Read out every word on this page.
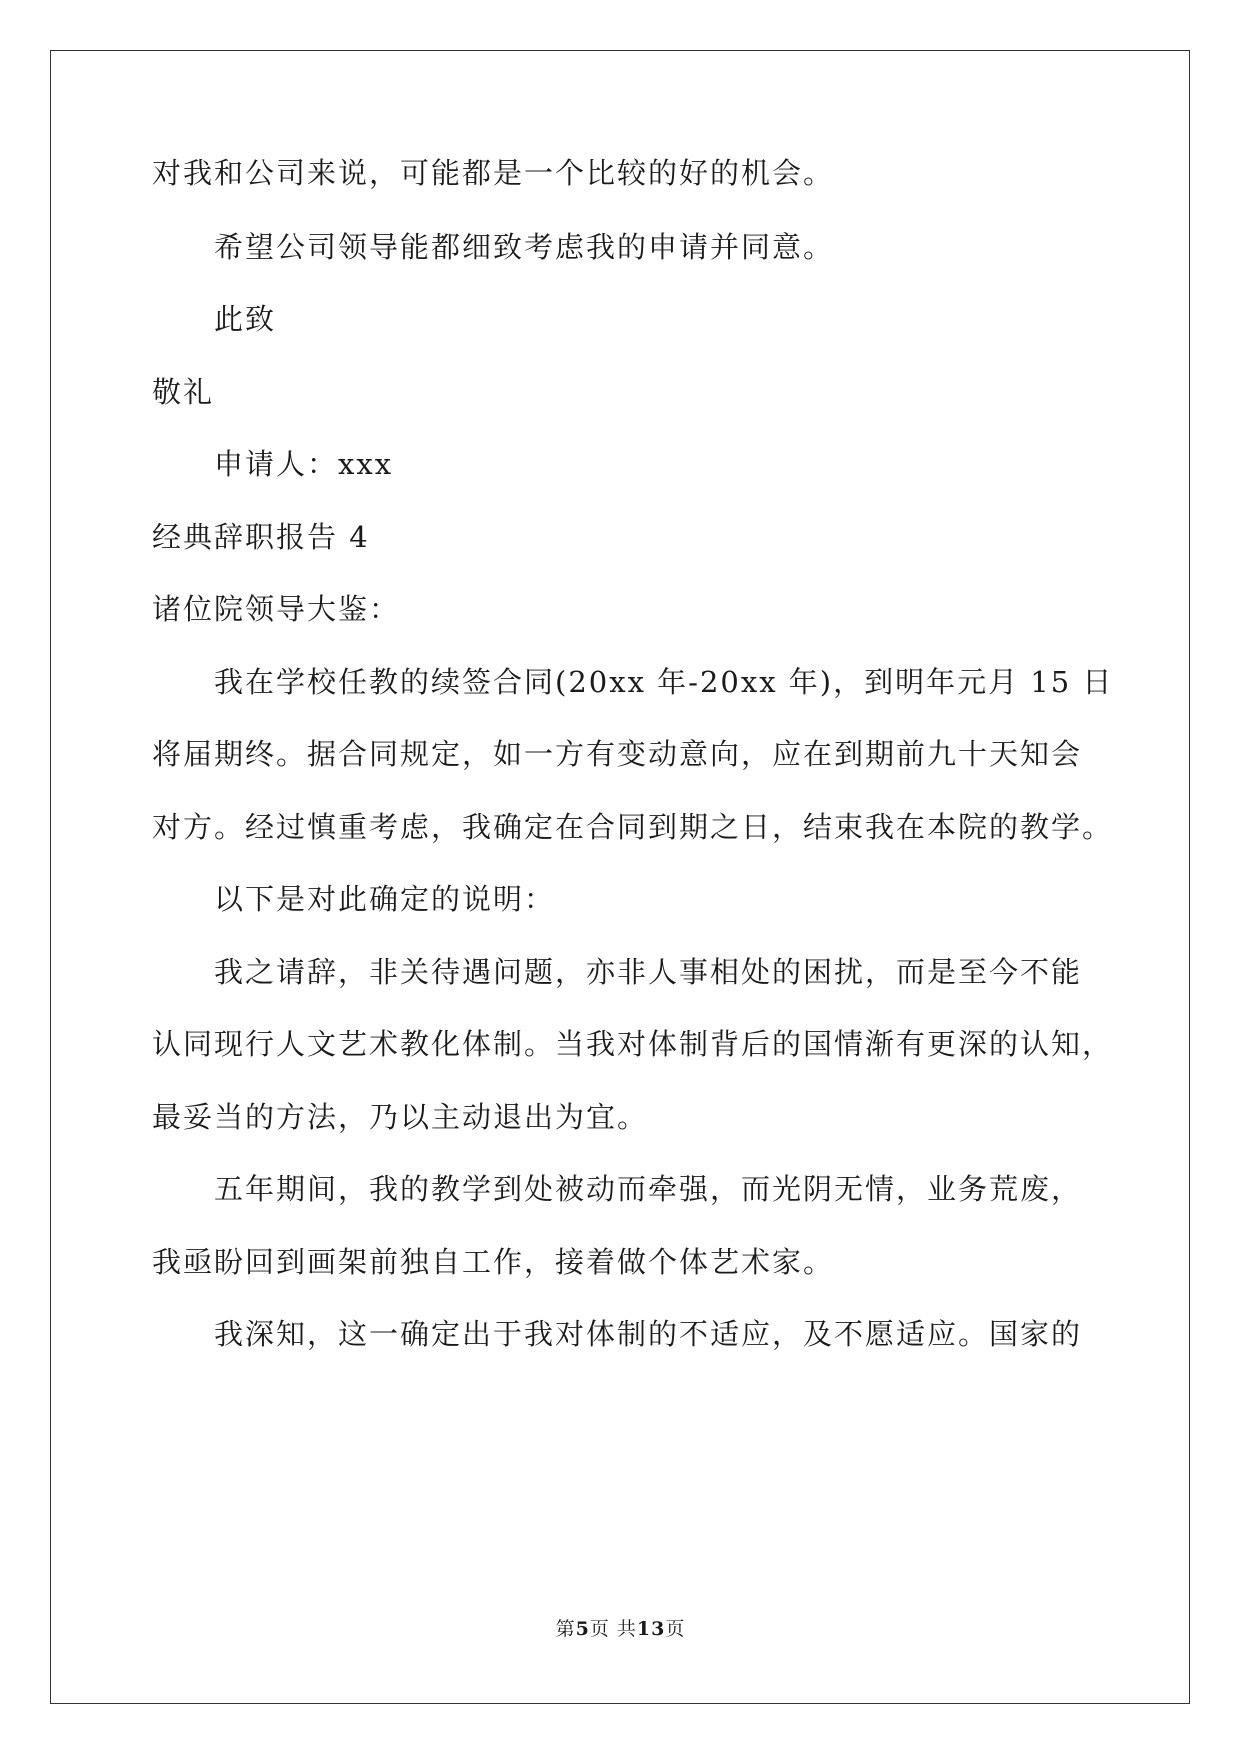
对我和公司来说，可能都是一个比较的好的机会。
希望公司领导能都细致考虑我的申请并同意。
此致
敬礼
申请人：xxx
经典辞职报告 4
诸位院领导大鉴：
我在学校任教的续签合同(20xx 年-20xx 年)，到明年元月 15 日
将届期终。据合同规定，如一方有变动意向，应在到期前九十天知会
对方。经过慎重考虑，我确定在合同到期之日，结束我在本院的教学。
以下是对此确定的说明：
我之请辞，非关待遇问题，亦非人事相处的困扰，而是至今不能
认同现行人文艺术教化体制。当我对体制背后的国情渐有更深的认知，
最妥当的方法，乃以主动退出为宜。
五年期间，我的教学到处被动而牵强，而光阴无情，业务荒废，
我亟盼回到画架前独自工作，接着做个体艺术家。
我深知，这一确定出于我对体制的不适应，及不愿适应。国家的
第5页 共13页
